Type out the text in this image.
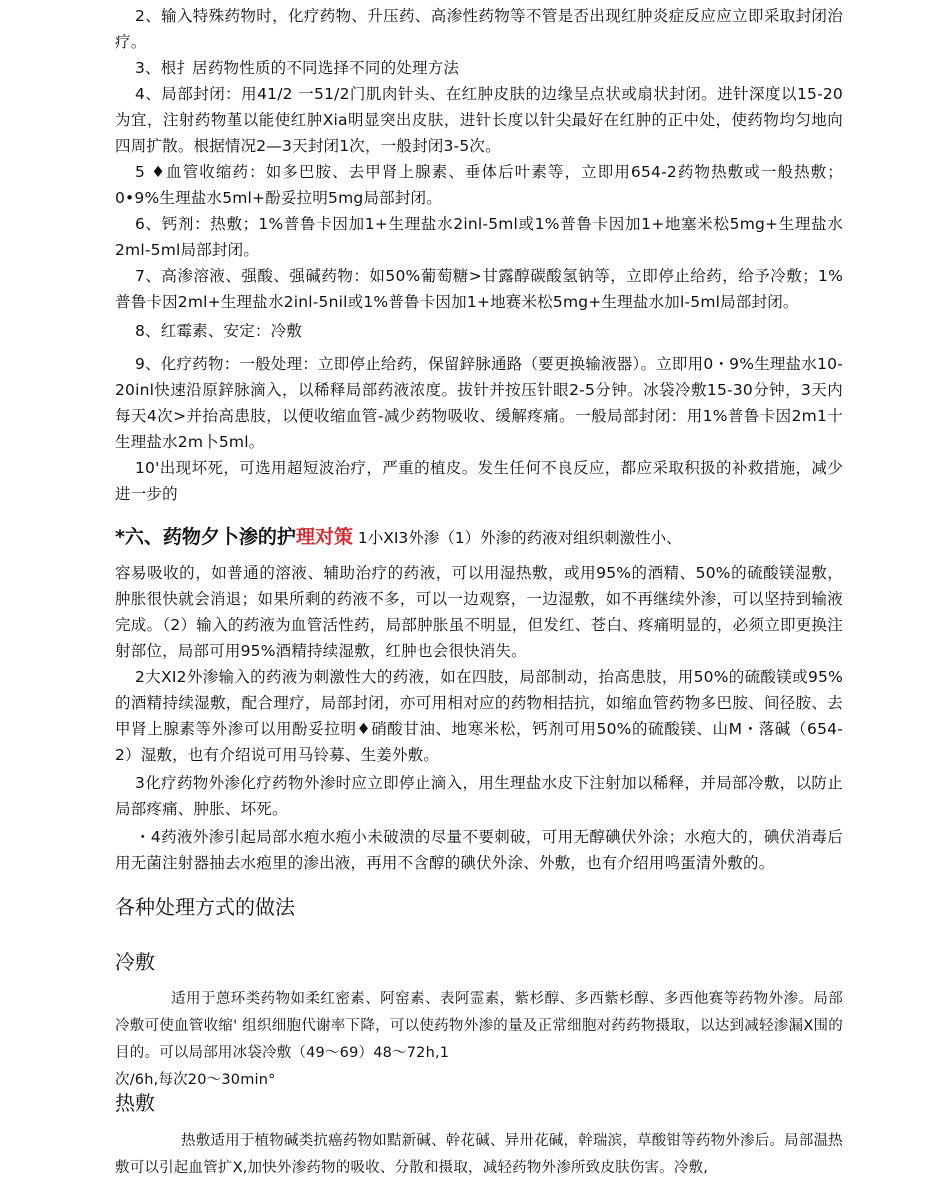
2、输入特殊药物时，化疗药物、升压药、高渗性药物等不管是否出现红肿炎症反应应立即采取封闭治疗。

3、根扌居药物性质的不同选择不同的处理方法

4、局部封闭：用41/2 一51/2门肌肉针头、在红肿皮肤的边缘呈点状或扇状封闭。进针深度以15-20为宜，注射药物堇以能使红肿Xia明显突出皮肤，进针长度以针尖最好在红肿的正中处，使药物均匀地向四周扩散。根据情况2—3天封闭1次，一般封闭3-5次。

5 ♦血管收缩药：如多巴胺、去甲肾上腺素、垂体后叶素等，立即用654-2药物热敷或一般热敷；0•9%生理盐水5ml+酚妥拉明5mg局部封闭。

6、钙剂：热敷；1%普鲁卡因加1+生理盐水2inl-5ml或1%普鲁卡因加1+地塞米松5mg+生理盐水2ml-5ml局部封闭。

7、高渗溶液、强酸、强碱药物：如50%葡萄糖>甘露醇碳酸氢钠等，立即停止给药，给予冷敷；1%普鲁卡因2ml+生理盐水2inl-5nil或1%普鲁卡因加1+地赛米松5mg+生理盐水加l-5ml局部封闭。

8、红霉素、安定：冷敷

9、化疗药物：一般处理：立即停止给药，保留鋅脉通路（要更换输液器）。立即用0・9%生理盐水10-20inl快速沿原鋅脉滴入，以稀释局部药液浓度。拔针并按压针眼2-5分钟。冰袋冷敷15-30分钟，3天内每天4次>并抬高患肢，以便收缩血管-减少药物吸收、缓解疼痛。一般局部封闭：用1%普鲁卡因2m1十生理盐水2m卜5ml。

10'出现坏死，可选用超短波治疗，严重的植皮。发生任何不良反应，都应采取积扱的补救措施，减少进一步的

*六、药物夕卜渗的护理对策 1小XI3外渗（1）外渗的药液对组织刺激性小、

容易吸收的，如普通的溶液、辅助治疗的药液，可以用湿热敷，或用95%的酒精、50%的硫酸镁湿敷，肿胀很快就会消退；如果所剩的药液不多，可以一边观察，一边湿敷，如不再继续外渗，可以坚持到输液完成。（2）输入的药液为血管活性药，局部肿胀虽不明显，但发红、苍白、疼痛明显的，必须立即更换注射部位，局部可用95%酒精持续湿敷，红肿也会很快消失。

2大XI2外渗输入的药液为刺激性大的药液，如在四肢，局部制动，抬高患肢，用50%的硫酸镁或95%的酒精持续湿敷，配合理疗，局部封闭，亦可用相对应的药物相拮抗，如缩血管药物多巴胺、间径胺、去甲肾上腺素等外渗可以用酚妥拉明♦硝酸甘油、地寒米松，钙剂可用50%的硫酸镁、山M・落碱（654-2）湿敷，也有介绍说可用马铃募、生姜外敷。

3化疗药物外渗化疗药物外渗时应立即停止滴入，用生理盐水皮下注射加以稀释，并局部冷敷，以防止局部疼痛、肿胀、坏死。

・4药液外渗引起局部水疱水疱小未破溃的尽量不要刺破，可用无醇碘伏外涂；水疱大的，碘伏消毒后用无菌注射器抽去水疱里的渗出液，再用不含醇的碘伏外涂、外敷，也有介绍用鸣蛋清外敷的。

各种处理方式的做法
冷敷

适用于蒽环类药物如柔红密素、阿窑素、表阿霊素，紫杉醇、多西紫杉醇、多西他赛等药物外渗。局部冷敷可使血管收缩' 组织细胞代谢率下降，可以使药物外渗的量及正常细胞对药药物摄取，以达到减轻渗漏X围的目的。可以局部用冰袋冷敷（49〜69）48〜72h,1

次/6h,每次20〜30min°

热敷

热敷适用于植物碱类抗癌药物如黠新碱、幹花碱、异卅花碱，幹瑞滨，草酸钳等药物外渗后。局部温热敷可以引起血管扩X,加快外渗药物的吸收、分散和摄取，减轻药物外渗所致皮肤伤害。冷敷,
